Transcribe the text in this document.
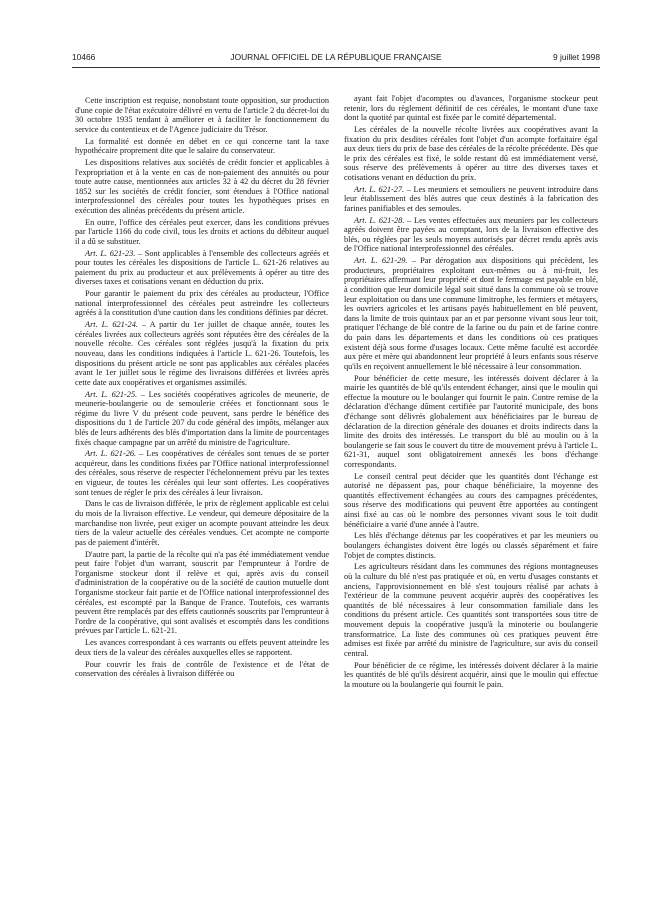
10466	JOURNAL OFFICIEL DE LA RÉPUBLIQUE FRANÇAISE	9 juillet 1998

Cette inscription est requise, nonobstant toute opposition, sur production d'une copie de l'état exécutoire délivré en vertu de l'article 2 du décret-loi du 30 octobre 1935 tendant à améliorer et à faciliter le fonctionnement du service du contentieux et de l'Agence judiciaire du Trésor.

La formalité est donnée en débet en ce qui concerne tant la taxe hypothécaire proprement dite que le salaire du conservateur.

Les dispositions relatives aux sociétés de crédit foncier et applicables à l'expropriation et à la vente en cas de non-paiement des annuités ou pour toute autre cause, mentionnées aux articles 32 à 42 du décret du 28 février 1852 sur les sociétés de crédit foncier, sont étendues à l'Office national interprofessionnel des céréales pour toutes les hypothèques prises en exécution des alinéas précédents du présent article.

En outre, l'office des céréales peut exercer, dans les conditions prévues par l'article 1166 du code civil, tous les droits et actions du débiteur auquel il a dû se substituer.

Art. L. 621-23. – Sont applicables à l'ensemble des collecteurs agréés et pour toutes les céréales les dispositions de l'article L. 621-26 relatives au paiement du prix au producteur et aux prélèvements à opérer au titre des diverses taxes et cotisations venant en déduction du prix.

Pour garantir le paiement du prix des céréales au producteur, l'Office national interprofessionnel des céréales peut astreindre les collecteurs agréés à la constitution d'une caution dans les conditions définies par décret.

Art. L. 621-24. – A partir du 1er juillet de chaque année, toutes les céréales livrées aux collecteurs agréés sont réputées être des céréales de la nouvelle récolte. Ces céréales sont réglées jusqu'à la fixation du prix nouveau, dans les conditions indiquées à l'article L. 621-26. Toutefois, les dispositions du présent article ne sont pas applicables aux céréales placées avant le 1er juillet sous le régime des livraisons différées et livrées après cette date aux coopératives et organismes assimilés.

Art. L. 621-25. – Les sociétés coopératives agricoles de meunerie, de meunerie-boulangerie ou de semoulerie créées et fonctionnant sous le régime du livre V du présent code peuvent, sans perdre le bénéfice des dispositions du 1 de l'article 207 du code général des impôts, mélanger aux blés de leurs adhérents des blés d'importation dans la limite de pourcentages fixés chaque campagne par un arrêté du ministre de l'agriculture.

Art. L. 621-26. – Les coopératives de céréales sont tenues de se porter acquéreur, dans les conditions fixées par l'Office national interprofessionnel des céréales, sous réserve de respecter l'échelonnement prévu par les textes en vigueur, de toutes les céréales qui leur sont offertes. Les coopératives sont tenues de régler le prix des céréales à leur livraison.

Dans le cas de livraison différée, le prix de règlement applicable est celui du mois de la livraison effective. Le vendeur, qui demeure dépositaire de la marchandise non livrée, peut exiger un acompte pouvant atteindre les deux tiers de la valeur actuelle des céréales vendues. Cet acompte ne comporte pas de paiement d'intérêt.

D'autre part, la partie de la récolte qui n'a pas été immédiatement vendue peut faire l'objet d'un warrant, souscrit par l'emprunteur à l'ordre de l'organisme stockeur dont il relève et qui, après avis du conseil d'administration de la coopérative ou de la société de caution mutuelle dont l'organisme stockeur fait partie et de l'Office national interprofessionnel des céréales, est escompté par la Banque de France. Toutefois, ces warrants peuvent être remplacés par des effets cautionnés souscrits par l'emprunteur à l'ordre de la coopérative, qui sont avalisés et escomptés dans les conditions prévues par l'article L. 621-21.

Les avances correspondant à ces warrants ou effets peuvent atteindre les deux tiers de la valeur des céréales auxquelles elles se rapportent.

Pour couvrir les frais de contrôle de l'existence et de l'état de conservation des céréales à livraison différée ou

ayant fait l'objet d'acomptes ou d'avances, l'organisme stockeur peut retenir, lors du règlement définitif de ces céréales, le montant d'une taxe dont la quotité par quintal est fixée par le comité départemental.

Les céréales de la nouvelle récolte livrées aux coopératives avant la fixation du prix desdites céréales font l'objet d'un acompte forfaitaire égal aux deux tiers du prix de base des céréales de la récolte précédente. Dès que le prix des céréales est fixé, le solde restant dû est immédiatement versé, sous réserve des prélèvements à opérer au titre des diverses taxes et cotisations venant en déduction du prix.

Art. L. 621-27. – Les meuniers et semouliers ne peuvent introduire dans leur établissement des blés autres que ceux destinés à la fabrication des farines panifiables et des semoules.

Art. L. 621-28. – Les ventes effectuées aux meuniers par les collecteurs agréés doivent être payées au comptant, lors de la livraison effective des blés, ou réglées par les seuls moyens autorisés par décret rendu après avis de l'Office national interprofessionnel des céréales.

Art. L. 621-29. – Par dérogation aux dispositions qui précèdent, les producteurs, propriétaires exploitant eux-mêmes ou à mi-fruit, les propriétaires affermant leur propriété et dont le fermage est payable en blé, à condition que leur domicile légal soit situé dans la commune où se trouve leur exploitation ou dans une commune limitrophe, les fermiers et métayers, les ouvriers agricoles et les artisans payés habituellement en blé peuvent, dans la limite de trois quintaux par an et par personne vivant sous leur toit, pratiquer l'échange de blé contre de la farine ou du pain et de farine contre du pain dans les départements et dans les conditions où ces pratiques existent déjà sous forme d'usages locaux. Cette même faculté est accordée aux père et mère qui abandonnent leur propriété à leurs enfants sous réserve qu'ils en reçoivent annuellement le blé nécessaire à leur consommation.

Pour bénéficier de cette mesure, les intéressés doivent déclarer à la mairie les quantités de blé qu'ils entendent échanger, ainsi que le moulin qui effectue la mouture ou le boulanger qui fournit le pain. Contre remise de la déclaration d'échange dûment certifiée par l'autorité municipale, des bons d'échange sont délivrés globalement aux bénéficiaires par le bureau de déclaration de la direction générale des douanes et droits indirects dans la limite des droits des intéressés. Le transport du blé au moulin ou à la boulangerie se fait sous le couvert du titre de mouvement prévu à l'article L. 621-31, auquel sont obligatoirement annexés les bons d'échange correspondants.

Le conseil central peut décider que les quantités dont l'échange est autorisé ne dépassent pas, pour chaque bénéficiaire, la moyenne des quantités effectivement échangées au cours des campagnes précédentes, sous réserve des modifications qui peuvent être apportées au contingent ainsi fixé au cas où le nombre des personnes vivant sous le toit dudit bénéficiaire a varié d'une année à l'autre.

Les blés d'échange détenus par les coopératives et par les meuniers ou boulangers échangistes doivent être logés ou classés séparément et faire l'objet de comptes distincts.

Les agriculteurs résidant dans les communes des régions montagneuses où la culture du blé n'est pas pratiquée et où, en vertu d'usages constants et anciens, l'approvisionnement en blé s'est toujours réalisé par achats à l'extérieur de la commune peuvent acquérir auprès des coopératives les quantités de blé nécessaires à leur consommation familiale dans les conditions du présent article. Ces quantités sont transportées sous titre de mouvement depuis la coopérative jusqu'à la minoterie ou boulangerie transformatrice. La liste des communes où ces pratiques peuvent être admises est fixée par arrêté du ministre de l'agriculture, sur avis du conseil central.

Pour bénéficier de ce régime, les intéressés doivent déclarer à la mairie les quantités de blé qu'ils désirent acquérir, ainsi que le moulin qui effectue la mouture ou la boulangerie qui fournit le pain.
